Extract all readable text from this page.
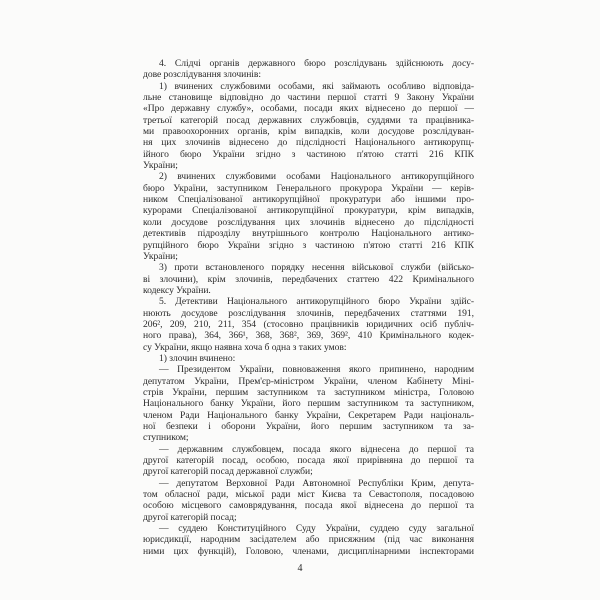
4. Слідчі органів державного бюро розслідувань здійснюють досу-
дове розслідування злочинів:
1) вчинених службовими особами, які займають особливо відповіда-
льне становище відповідно до частини першої статті 9 Закону України
«Про державну службу», особами, посади яких віднесено до першої —
третьої категорій посад державних службовців, суддями та працівника-
ми правоохоронних органів, крім випадків, коли досудове розслідуван-
ня цих злочинів віднесено до підслідності Національного антикорупц-
ійного бюро України згідно з частиною п'ятою статті 216 КПК
України;
2) вчинених службовими особами Національного антикорупційного
бюро України, заступником Генерального прокурора України — керів-
ником Спеціалізованої антикорупційної прокуратури або іншими про-
курорами Спеціалізованої антикорупційної прокуратури, крім випадків,
коли досудове розслідування цих злочинів віднесено до підслідності
детективів підрозділу внутрішнього контролю Національного антико-
рупційного бюро України згідно з частиною п'ятою статті 216 КПК
України;
3) проти встановленого порядку несення військової служби (військо-
ві злочини), крім злочинів, передбачених статтею 422 Кримінального
кодексу України.
5. Детективи Національного антикорупційного бюро України здійс-
нюють досудове розслідування злочинів, передбачених статтями 191,
206², 209, 210, 211, 354 (стосовно працівників юридичних осіб публіч-
ного права), 364, 366¹, 368, 368², 369, 369², 410 Кримінального кодек-
су України, якщо наявна хоча б одна з таких умов:
1) злочин вчинено:
— Президентом України, повноваження якого припинено, народним
депутатом України, Прем'єр-міністром України, членом Кабінету Міні-
стрів України, першим заступником та заступником міністра, Головою
Національного банку України, його першим заступником та заступником,
членом Ради Національного банку України, Секретарем Ради національ-
ної безпеки і оборони України, його першим заступником та за-
ступником;
— державним службовцем, посада якого віднесена до першої та
другої категорій посад, особою, посада якої прирівняна до першої та
другої категорій посад державної служби;
— депутатом Верховної Ради Автономної Республіки Крим, депута-
том обласної ради, міської ради міст Києва та Севастополя, посадовою
особою місцевого самоврядування, посада якої віднесена до першої та
другої категорій посад;
— суддею Конституційного Суду України, суддею суду загальної
юрисдикції, народним засідателем або присяжним (під час виконання
ними цих функцій), Головою, членами, дисциплінарними інспекторами
4
